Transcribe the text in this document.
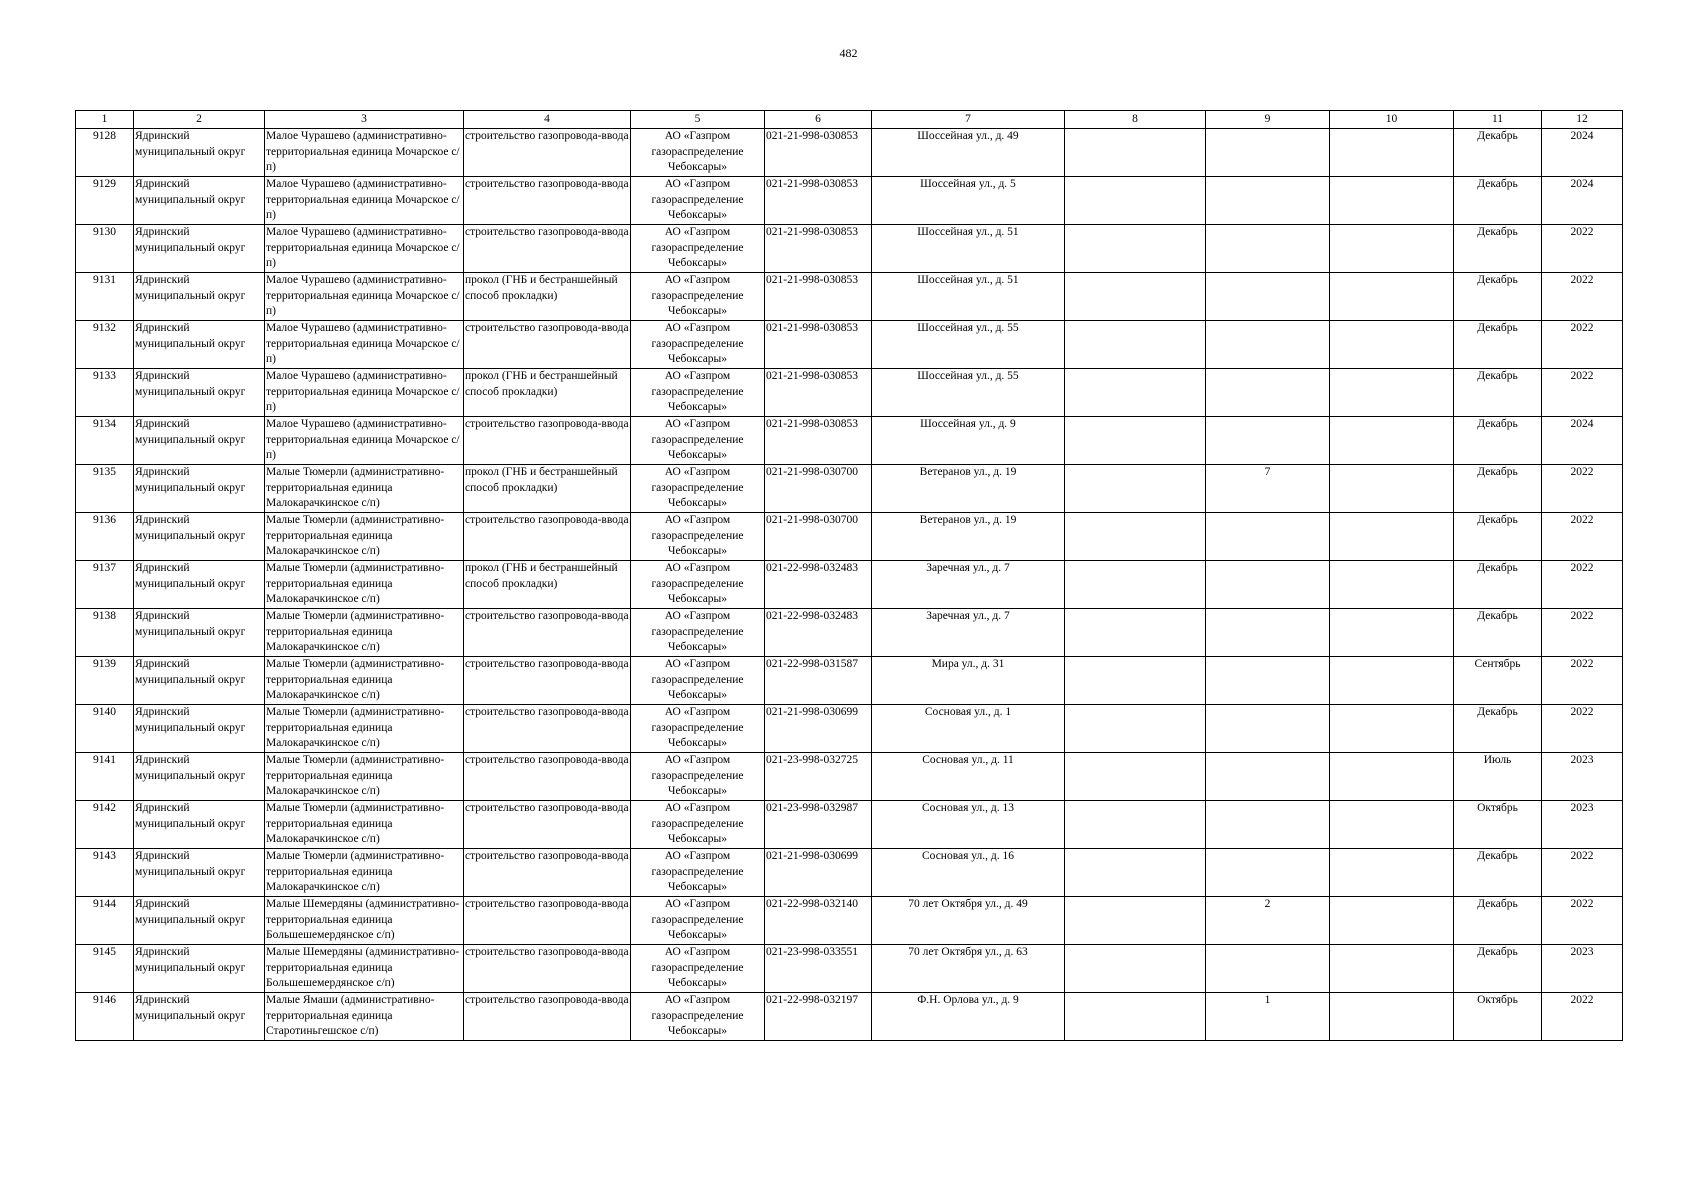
482
1	2	3	4	5	6	7	8	9	10	11	12
9128	Ядринский муниципальный округ	Малое Чурашево (административно-территориальная единица Мочарское с/п)	строительство газопровода-ввода	АО «Газпром газораспределение Чебоксары»	021-21-998-030853	Шоссейная ул., д. 49				Декабрь	2024
9129	Ядринский муниципальный округ	Малое Чурашево (административно-территориальная единица Мочарское с/п)	строительство газопровода-ввода	АО «Газпром газораспределение Чебоксары»	021-21-998-030853	Шоссейная ул., д. 5				Декабрь	2024
9130	Ядринский муниципальный округ	Малое Чурашево (административно-территориальная единица Мочарское с/п)	строительство газопровода-ввода	АО «Газпром газораспределение Чебоксары»	021-21-998-030853	Шоссейная ул., д. 51				Декабрь	2022
9131	Ядринский муниципальный округ	Малое Чурашево (административно-территориальная единица Мочарское с/п)	прокол (ГНБ и бестраншейный способ прокладки)	АО «Газпром газораспределение Чебоксары»	021-21-998-030853	Шоссейная ул., д. 51				Декабрь	2022
9132	Ядринский муниципальный округ	Малое Чурашево (административно-территориальная единица Мочарское с/п)	строительство газопровода-ввода	АО «Газпром газораспределение Чебоксары»	021-21-998-030853	Шоссейная ул., д. 55				Декабрь	2022
9133	Ядринский муниципальный округ	Малое Чурашево (административно-территориальная единица Мочарское с/п)	прокол (ГНБ и бестраншейный способ прокладки)	АО «Газпром газораспределение Чебоксары»	021-21-998-030853	Шоссейная ул., д. 55				Декабрь	2022
9134	Ядринский муниципальный округ	Малое Чурашево (административно-территориальная единица Мочарское с/п)	строительство газопровода-ввода	АО «Газпром газораспределение Чебоксары»	021-21-998-030853	Шоссейная ул., д. 9				Декабрь	2024
9135	Ядринский муниципальный округ	Малые Тюмерли (административно-территориальная единица Малокарачкинское с/п)	прокол (ГНБ и бестраншейный способ прокладки)	АО «Газпром газораспределение Чебоксары»	021-21-998-030700	Ветеранов ул., д. 19		7		Декабрь	2022
9136	Ядринский муниципальный округ	Малые Тюмерли (административно-территориальная единица Малокарачкинское с/п)	строительство газопровода-ввода	АО «Газпром газораспределение Чебоксары»	021-21-998-030700	Ветеранов ул., д. 19				Декабрь	2022
9137	Ядринский муниципальный округ	Малые Тюмерли (административно-территориальная единица Малокарачкинское с/п)	прокол (ГНБ и бестраншейный способ прокладки)	АО «Газпром газораспределение Чебоксары»	021-22-998-032483	Заречная ул., д. 7				Декабрь	2022
9138	Ядринский муниципальный округ	Малые Тюмерли (административно-территориальная единица Малокарачкинское с/п)	строительство газопровода-ввода	АО «Газпром газораспределение Чебоксары»	021-22-998-032483	Заречная ул., д. 7				Декабрь	2022
9139	Ядринский муниципальный округ	Малые Тюмерли (административно-территориальная единица Малокарачкинское с/п)	строительство газопровода-ввода	АО «Газпром газораспределение Чебоксары»	021-22-998-031587	Мира ул., д. 31				Сентябрь	2022
9140	Ядринский муниципальный округ	Малые Тюмерли (административно-территориальная единица Малокарачкинское с/п)	строительство газопровода-ввода	АО «Газпром газораспределение Чебоксары»	021-21-998-030699	Сосновая ул., д. 1				Декабрь	2022
9141	Ядринский муниципальный округ	Малые Тюмерли (административно-территориальная единица Малокарачкинское с/п)	строительство газопровода-ввода	АО «Газпром газораспределение Чебоксары»	021-23-998-032725	Сосновая ул., д. 11				Июль	2023
9142	Ядринский муниципальный округ	Малые Тюмерли (административно-территориальная единица Малокарачкинское с/п)	строительство газопровода-ввода	АО «Газпром газораспределение Чебоксары»	021-23-998-032987	Сосновая ул., д. 13				Октябрь	2023
9143	Ядринский муниципальный округ	Малые Тюмерли (административно-территориальная единица Малокарачкинское с/п)	строительство газопровода-ввода	АО «Газпром газораспределение Чебоксары»	021-21-998-030699	Сосновая ул., д. 16				Декабрь	2022
9144	Ядринский муниципальный округ	Малые Шемердяны (административно-территориальная единица Большешемердянское с/п)	строительство газопровода-ввода	АО «Газпром газораспределение Чебоксары»	021-22-998-032140	70 лет Октября ул., д. 49		2		Декабрь	2022
9145	Ядринский муниципальный округ	Малые Шемердяны (административно-территориальная единица Большешемердянское с/п)	строительство газопровода-ввода	АО «Газпром газораспределение Чебоксары»	021-23-998-033551	70 лет Октября ул., д. 63				Декабрь	2023
9146	Ядринский муниципальный округ	Малые Ямаши (административно-территориальная единица Старотиньгешское с/п)	строительство газопровода-ввода	АО «Газпром газораспределение Чебоксары»	021-22-998-032197	Ф.Н. Орлова ул., д. 9		1		Октябрь	2022
